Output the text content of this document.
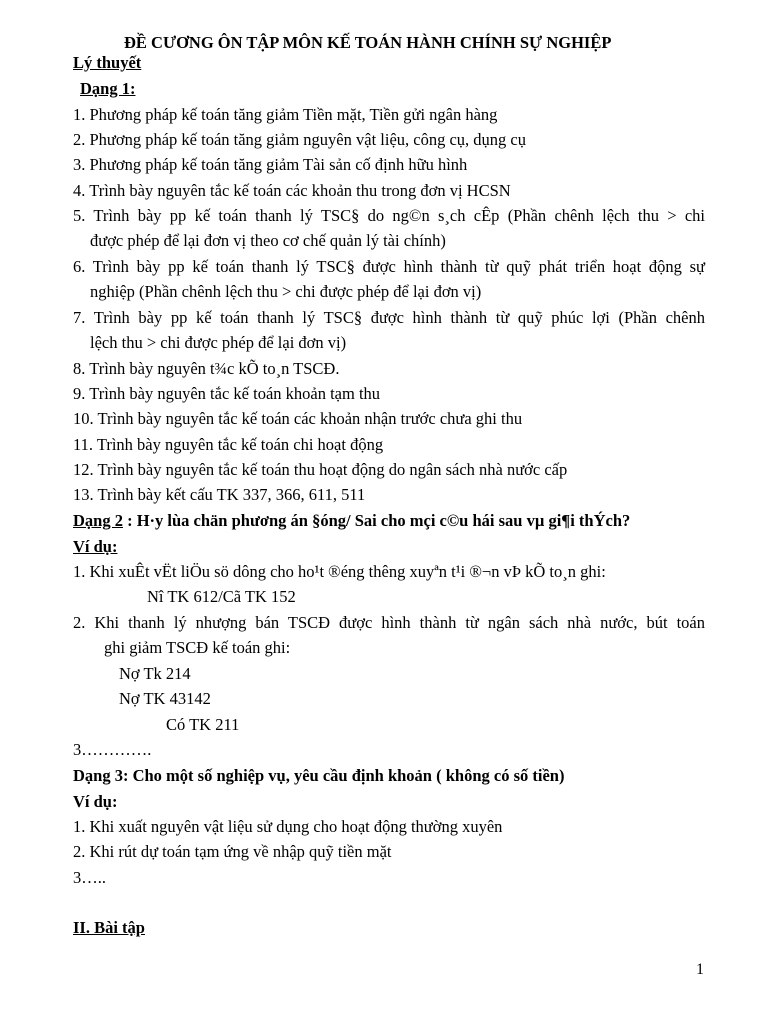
ĐỀ CƯƠNG ÔN TẬP MÔN KẾ TOÁN HÀNH CHÍNH SỰ NGHIỆP
Lý thuyết
Dạng 1:
1. Phương pháp kế toán tăng giảm Tiền mặt, Tiền gửi ngân hàng
2. Phương pháp kế toán tăng giảm nguyên vật liệu, công cụ, dụng cụ
3. Phương pháp kế toán tăng giảm Tài sản cố định hữu hình
4. Trình bày nguyên tắc kế toán các khoản thu trong đơn vị HCSN
5. Trình bày pp kế toán thanh lý TSC§ do ng©n s¸ch cÊp (Phần chênh lệch thu > chi
được phép để lại đơn vị theo cơ chế quản lý tài chính)
6. Trình bày pp kế toán thanh lý TSC§ được hình thành từ quỹ phát triển hoạt động sự
nghiệp (Phần chênh lệch thu > chi được phép để lại đơn vị)
7. Trình bày pp kế toán thanh lý TSC§ được hình thành từ quỹ phúc lợi (Phần chênh
lệch thu > chi được phép để lại đơn vị)
8. Trình bày nguyên t¾c kÕ to¸n TSCĐ.
9. Trình bày nguyên tắc kế toán khoản tạm thu
10. Trình bày nguyên tắc kế toán các khoản nhận trước chưa ghi thu
11. Trình bày nguyên tắc kế toán chi hoạt động
12. Trình bày nguyên tắc kế toán thu hoạt động do ngân sách nhà nước cấp
13. Trình bày kết cấu TK 337, 366, 611, 511
Dạng 2 : H·y lùa chän phương án §óng/ Sai cho mçi c©u hái sau vµ gi¶i thÝch?
Ví dụ:
1. Khi xuÊt vËt liÖu sö dông cho ho¹t ®éng thêng xuyªn t¹i ®¬n vÞ kÕ to¸n ghi:
Nî TK 612/Cã TK 152
2. Khi thanh lý nhượng bán TSCĐ được hình thành từ ngân sách nhà nước, bút toán
ghi giảm TSCĐ kế toán ghi:
Nợ Tk 214
Nợ TK 43142
Có TK 211
3………….
Dạng 3: Cho một số nghiệp vụ, yêu cầu định khoản ( không có số tiền)
Ví dụ:
1. Khi xuất nguyên vật liệu sử dụng cho hoạt động thường xuyên
2. Khi rút dự toán tạm ứng về nhập quỹ tiền mặt
3…..
II. Bài tập
1
